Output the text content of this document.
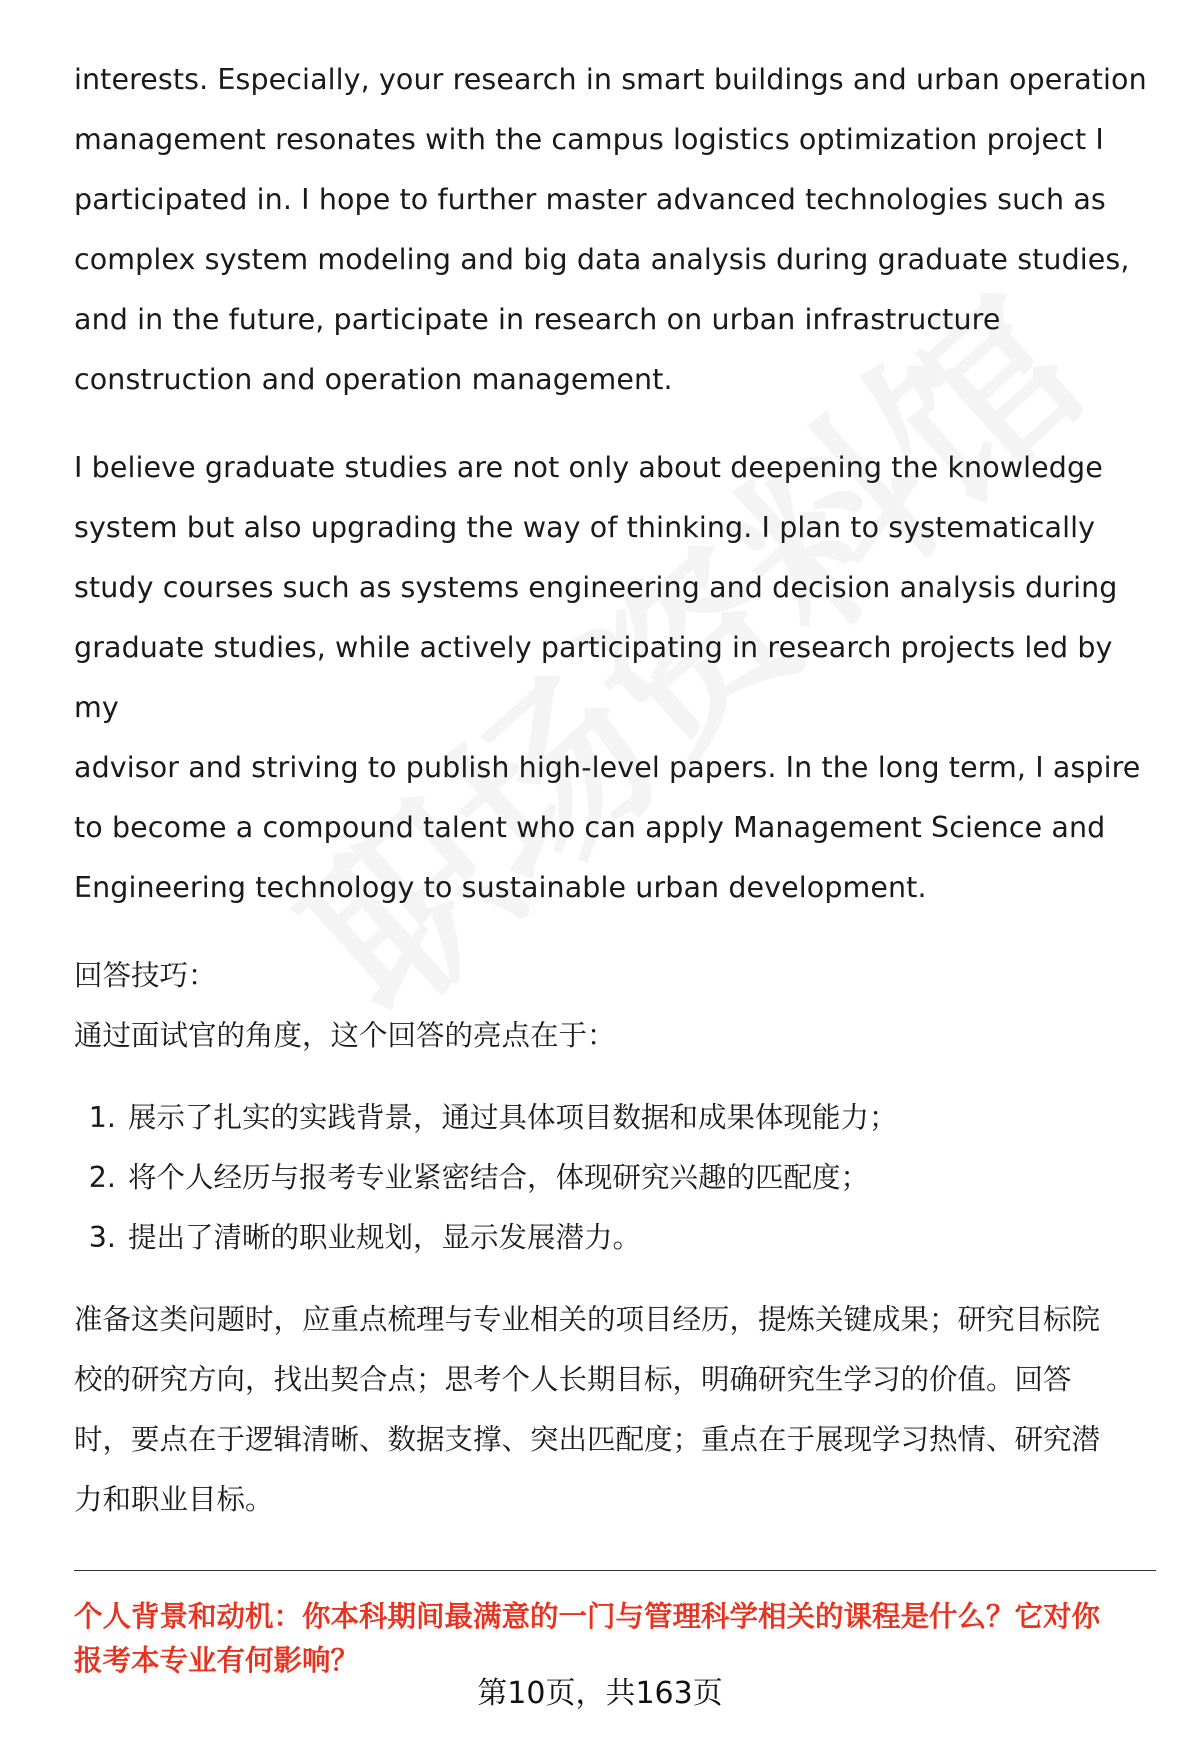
interests. Especially, your research in smart buildings and urban operation
management resonates with the campus logistics optimization project I
participated in. I hope to further master advanced technologies such as
complex system modeling and big data analysis during graduate studies,
and in the future, participate in research on urban infrastructure
construction and operation management.

I believe graduate studies are not only about deepening the knowledge
system but also upgrading the way of thinking. I plan to systematically
study courses such as systems engineering and decision analysis during
graduate studies, while actively participating in research projects led by my
advisor and striving to publish high-level papers. In the long term, I aspire
to become a compound talent who can apply Management Science and
Engineering technology to sustainable urban development.

回答技巧：
通过面试官的角度，这个回答的亮点在于：
1. 展示了扎实的实践背景，通过具体项目数据和成果体现能力；
2. 将个人经历与报考专业紧密结合，体现研究兴趣的匹配度；
3. 提出了清晰的职业规划，显示发展潜力。

准备这类问题时，应重点梳理与专业相关的项目经历，提炼关键成果；研究目标院
校的研究方向，找出契合点；思考个人长期目标，明确研究生学习的价值。回答
时，要点在于逻辑清晰、数据支撑、突出匹配度；重点在于展现学习热情、研究潜
力和职业目标。

个人背景和动机：你本科期间最满意的一门与管理科学相关的课程是什么？它对你
报考本专业有何影响？
第10页，共163页
